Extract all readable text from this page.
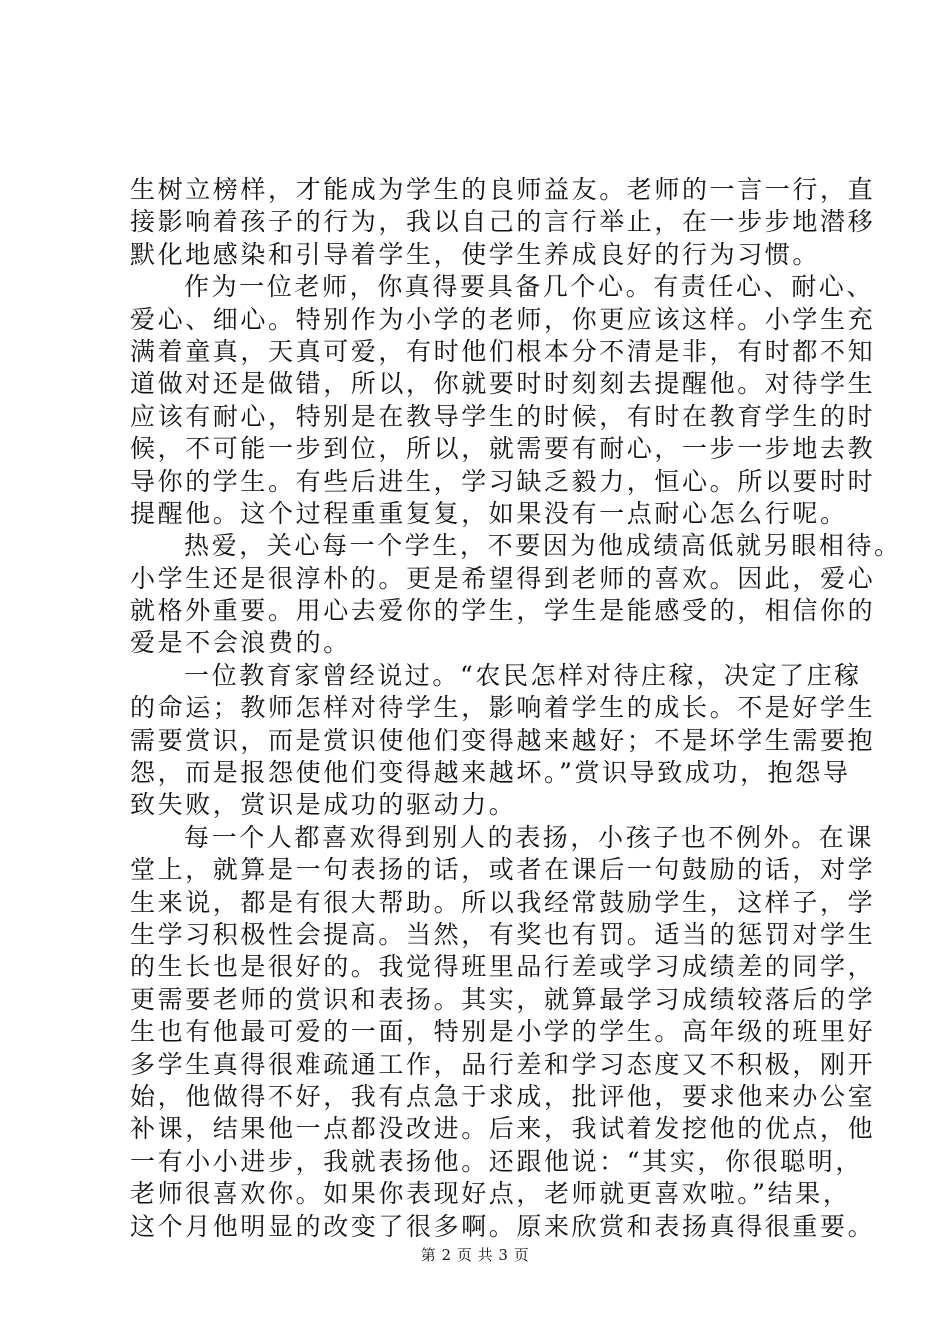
生树立榜样，才能成为学生的良师益友。老师的一言一行，直

接影响着孩子的行为，我以自己的言行举止，在一步步地潜移

默化地感染和引导着学生，使学生养成良好的行为习惯。

作为一位老师，你真得要具备几个心。有责任心、耐心、

爱心、细心。特别作为小学的老师，你更应该这样。小学生充

满着童真，天真可爱，有时他们根本分不清是非，有时都不知

道做对还是做错，所以，你就要时时刻刻去提醒他。对待学生

应该有耐心，特别是在教导学生的时候，有时在教育学生的时

候，不可能一步到位，所以，就需要有耐心，一步一步地去教

导你的学生。有些后进生，学习缺乏毅力，恒心。所以要时时

提醒他。这个过程重重复复，如果没有一点耐心怎么行呢。

热爱，关心每一个学生，不要因为他成绩高低就另眼相待。

小学生还是很淳朴的。更是希望得到老师的喜欢。因此，爱心

就格外重要。用心去爱你的学生，学生是能感受的，相信你的

爱是不会浪费的。

一位教育家曾经说过。“农民怎样对待庄稼，决定了庄稼

的命运；教师怎样对待学生，影响着学生的成长。不是好学生

需要赏识，而是赏识使他们变得越来越好；不是坏学生需要抱

怨，而是报怨使他们变得越来越坏。”赏识导致成功，抱怨导

致失败，赏识是成功的驱动力。

每一个人都喜欢得到别人的表扬，小孩子也不例外。在课

堂上，就算是一句表扬的话，或者在课后一句鼓励的话，对学

生来说，都是有很大帮助。所以我经常鼓励学生，这样子，学

生学习积极性会提高。当然，有奖也有罚。适当的惩罚对学生

的生长也是很好的。我觉得班里品行差或学习成绩差的同学，

更需要老师的赏识和表扬。其实，就算最学习成绩较落后的学

生也有他最可爱的一面，特别是小学的学生。高年级的班里好

多学生真得很难疏通工作，品行差和学习态度又不积极，刚开

始，他做得不好，我有点急于求成，批评他，要求他来办公室

补课，结果他一点都没改进。后来，我试着发挖他的优点，他

一有小小进步，我就表扬他。还跟他说：“其实，你很聪明，

老师很喜欢你。如果你表现好点，老师就更喜欢啦。”结果，

这个月他明显的改变了很多啊。原来欣赏和表扬真得很重要。

第 2 页 共 3 页
